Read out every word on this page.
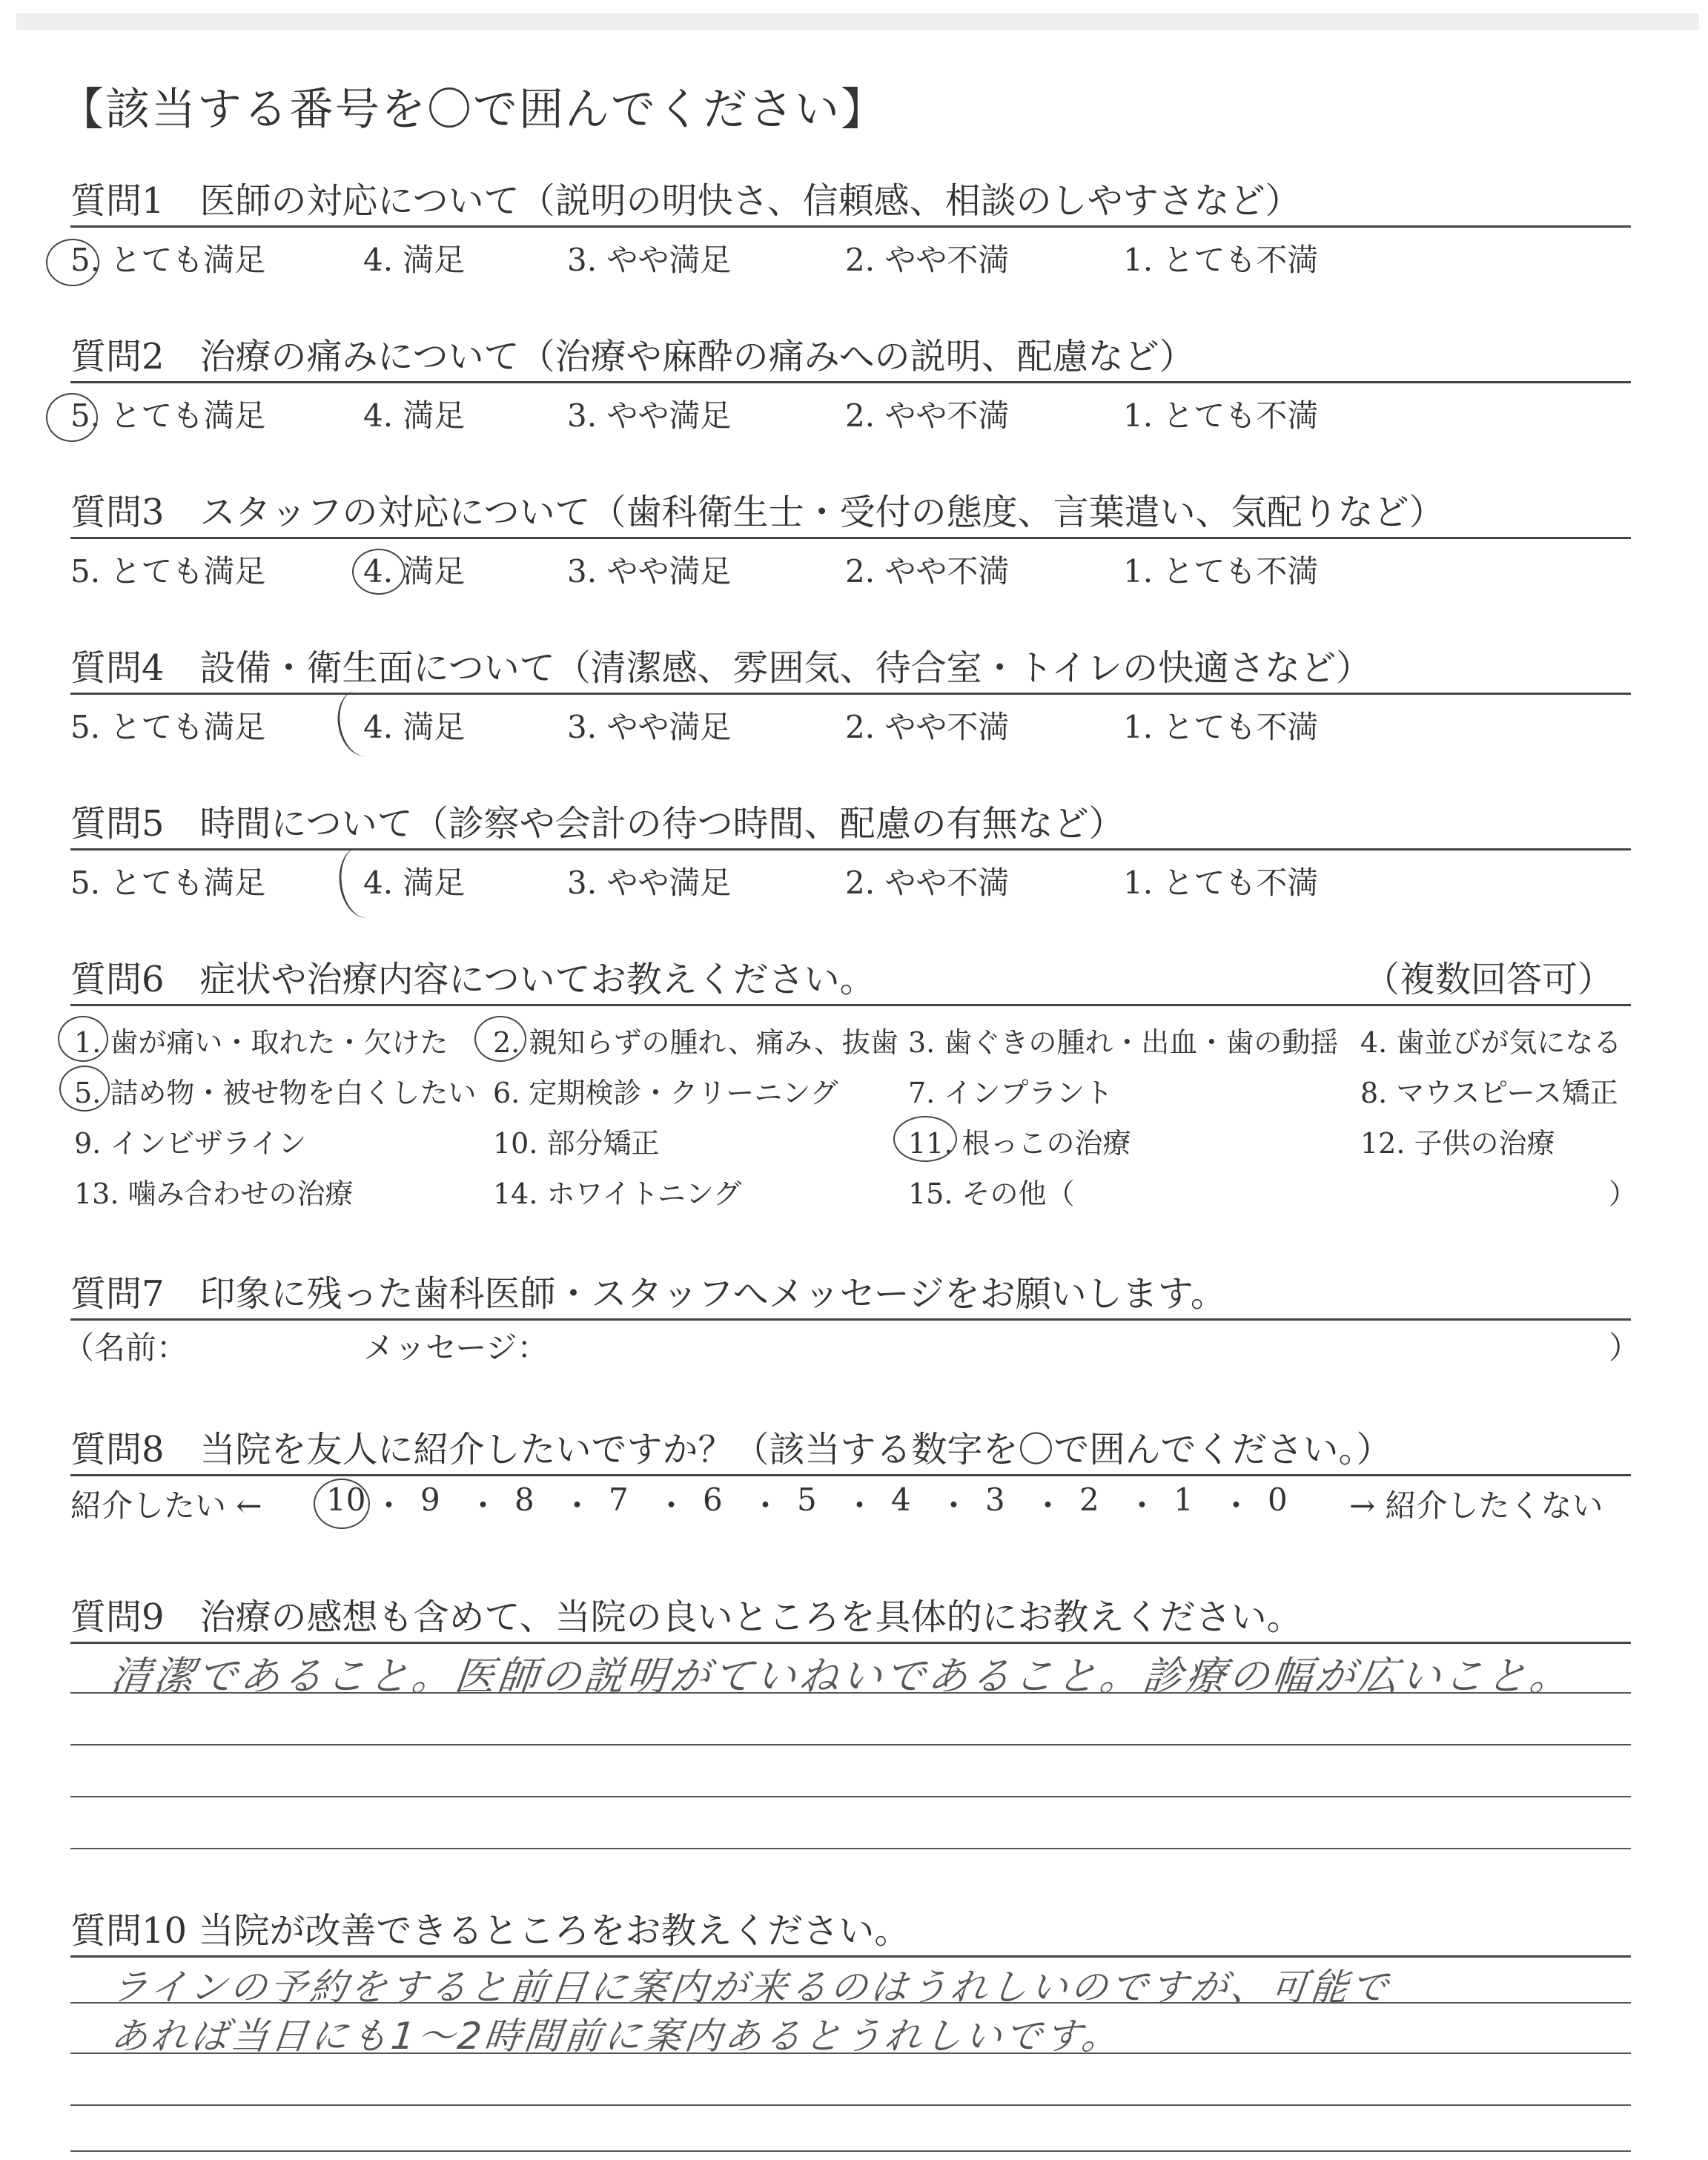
【該当する番号を〇で囲んでください】
質問1　医師の対応について（説明の明快さ、信頼感、相談のしやすさなど）
5. とても満足	4. 満足	3. やや満足	2. やや不満	1. とても不満
質問2　治療の痛みについて（治療や麻酔の痛みへの説明、配慮など）
5. とても満足	4. 満足	3. やや満足	2. やや不満	1. とても不満
質問3　スタッフの対応について（歯科衛生士・受付の態度、言葉遣い、気配りなど）
5. とても満足	4. 満足	3. やや満足	2. やや不満	1. とても不満
質問4　設備・衛生面について（清潔感、雰囲気、待合室・トイレの快適さなど）
5. とても満足	4. 満足	3. やや満足	2. やや不満	1. とても不満
質問5　時間について（診察や会計の待つ時間、配慮の有無など）
5. とても満足	4. 満足	3. やや満足	2. やや不満	1. とても不満
質問6　症状や治療内容についてお教えください。	（複数回答可）
1. 歯が痛い・取れた・欠けた 2. 親知らずの腫れ、痛み、抜歯 3. 歯ぐきの腫れ・出血・歯の動揺 4. 歯並びが気になる
5. 詰め物・被せ物を白くしたい 6. 定期検診・クリーニング 7. インプラント	8. マウスピース矯正
9. インビザライン	10. 部分矯正	11. 根っこの治療	12. 子供の治療
13. 噛み合わせの治療	14. ホワイトニング	15. その他（	）
質問7　印象に残った歯科医師・スタッフへメッセージをお願いします。
（名前：	メッセージ：	）
質問8　当院を友人に紹介したいですか？（該当する数字を〇で囲んでください。）
紹介したい ← 10 ・ 9 ・ 8 ・ 7 ・ 6 ・ 5 ・ 4 ・ 3 ・ 2 ・ 1 ・ 0 → 紹介したくない
質問9　治療の感想も含めて、当院の良いところを具体的にお教えください。
清潔であること。医師の説明がていねいであること。診療の幅が広いこと。
質問10 当院が改善できるところをお教えください。
ラインの予約をすると前日に案内が来るのはうれしいのですが、可能で
あれば当日にも1〜2時間前に案内あるとうれしいです。
